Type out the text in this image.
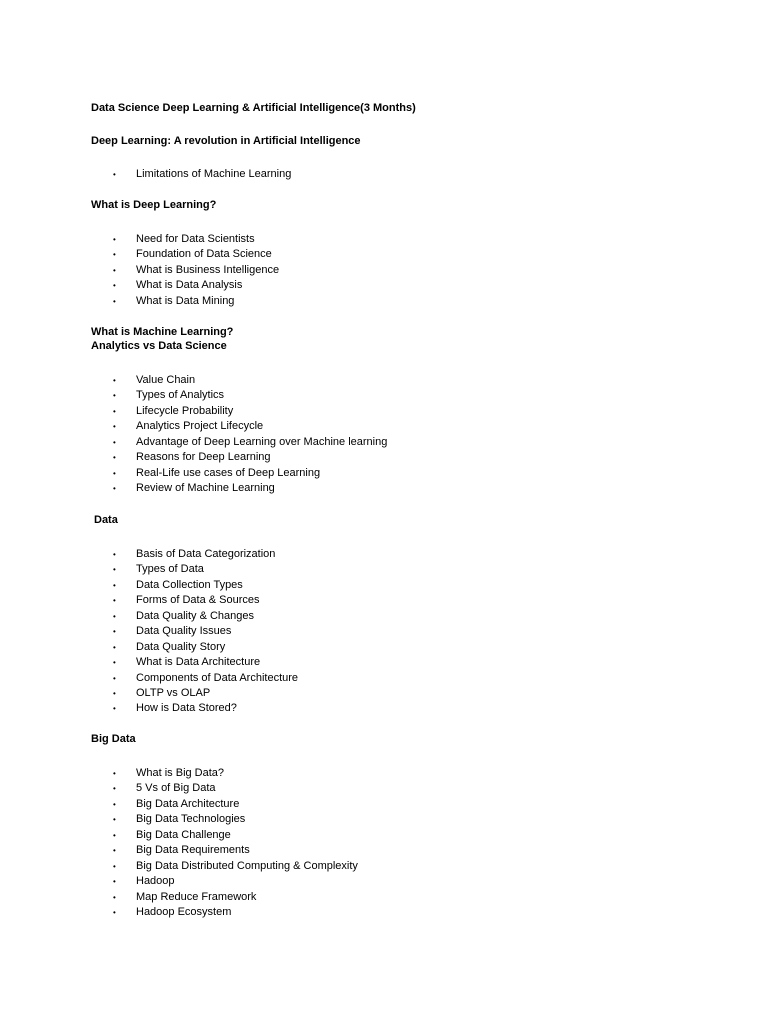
Data Science Deep Learning & Artificial Intelligence(3 Months)

Deep Learning: A revolution in Artificial Intelligence

• Limitations of Machine Learning

What is Deep Learning?

• Need for Data Scientists
• Foundation of Data Science
• What is Business Intelligence
• What is Data Analysis
• What is Data Mining

What is Machine Learning?

Analytics vs Data Science

• Value Chain
• Types of Analytics
• Lifecycle Probability
• Analytics Project Lifecycle
• Advantage of Deep Learning over Machine learning
• Reasons for Deep Learning
• Real-Life use cases of Deep Learning
• Review of Machine Learning

Data

• Basis of Data Categorization
• Types of Data
• Data Collection Types
• Forms of Data & Sources
• Data Quality & Changes
• Data Quality Issues
• Data Quality Story
• What is Data Architecture
• Components of Data Architecture
• OLTP vs OLAP
• How is Data Stored?

Big Data

• What is Big Data?
• 5 Vs of Big Data
• Big Data Architecture
• Big Data Technologies
• Big Data Challenge
• Big Data Requirements
• Big Data Distributed Computing & Complexity
• Hadoop
• Map Reduce Framework
• Hadoop Ecosystem
